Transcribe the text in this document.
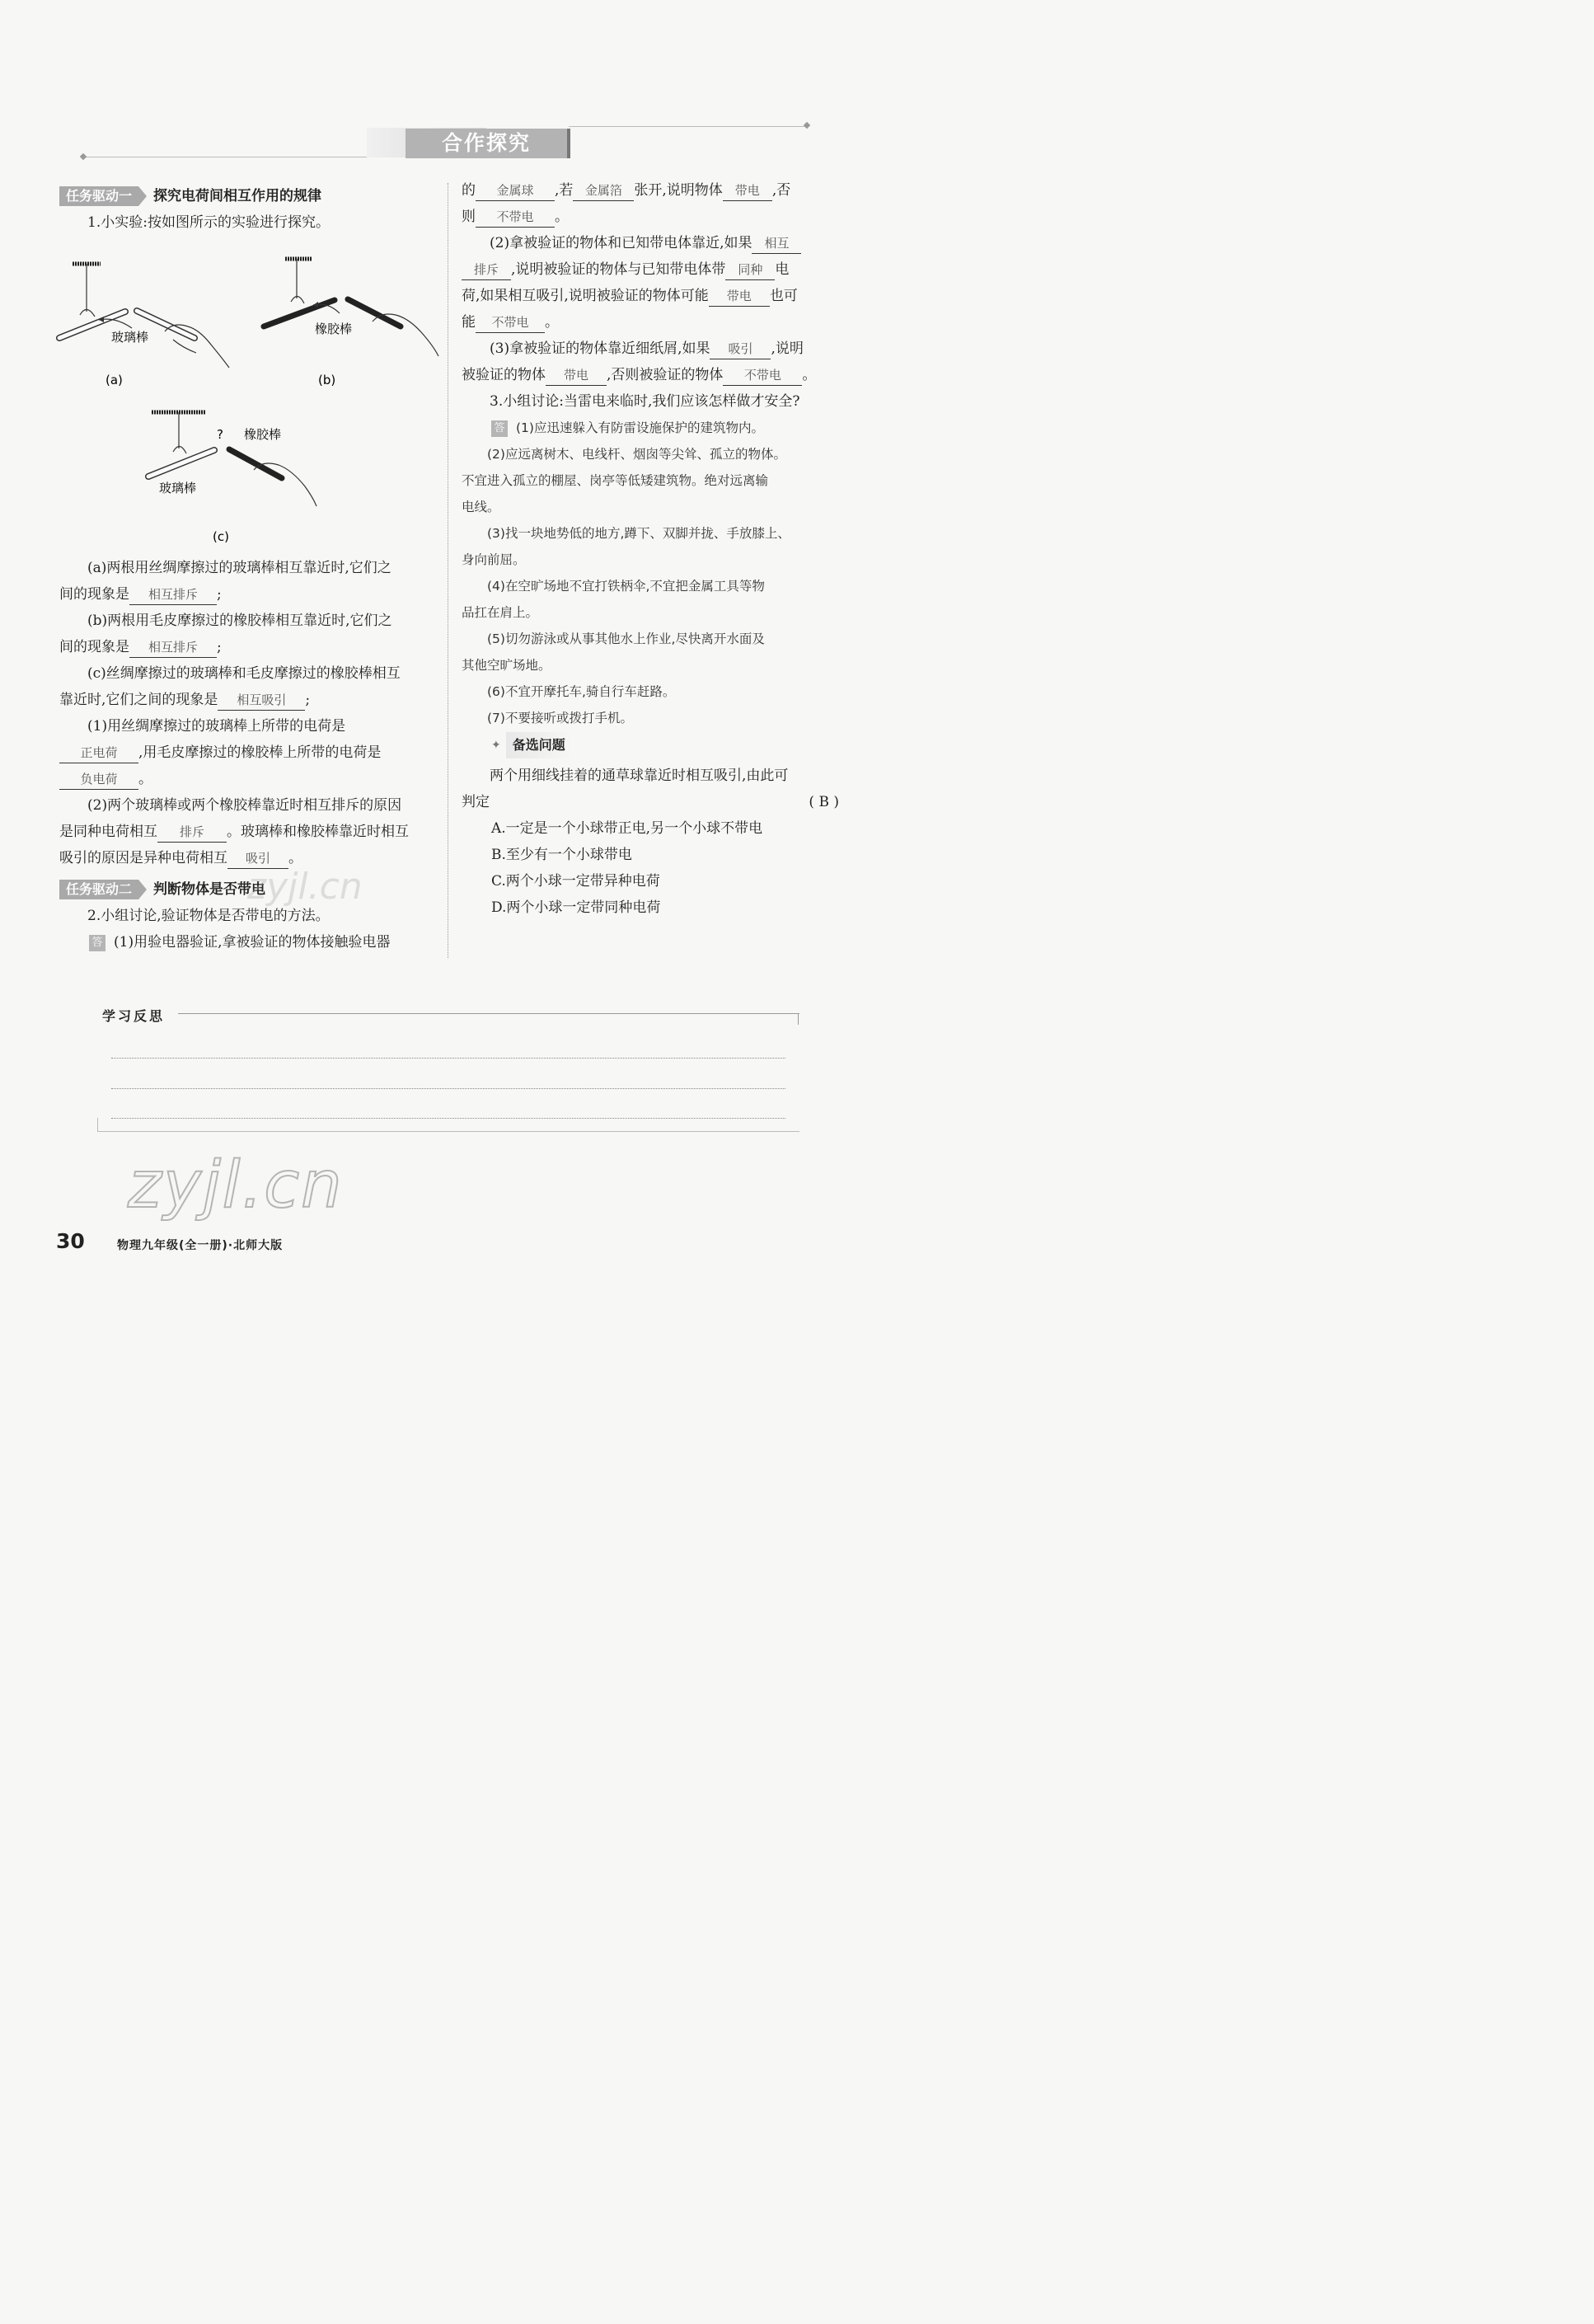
合作探究
任务驱动一	探究电荷间相互作用的规律

1.小实验:按如图所示的实验进行探究。

玻璃棒
(a)
橡胶棒
(b)
? 橡胶棒
玻璃棒
(c)

(a)两根用丝绸摩擦过的玻璃棒相互靠近时,它们之

间的现象是 相互排斥 ;

(b)两根用毛皮摩擦过的橡胶棒相互靠近时,它们之

间的现象是 相互排斥 ;

(c)丝绸摩擦过的玻璃棒和毛皮摩擦过的橡胶棒相互

靠近时,它们之间的现象是 相互吸引 ;

(1)用丝绸摩擦过的玻璃棒上所带的电荷是

正电荷 ,用毛皮摩擦过的橡胶棒上所带的电荷是

负电荷 。

(2)两个玻璃棒或两个橡胶棒靠近时相互排斥的原因

是同种电荷相互 排斥 。玻璃棒和橡胶棒靠近时相互

吸引的原因是异种电荷相互 吸引 。

任务驱动二	判断物体是否带电

2.小组讨论,验证物体是否带电的方法。

答 (1)用验电器验证,拿被验证的物体接触验电器

的 金属球 ,若 金属箔 张开,说明物体 带电 ,否

则 不带电 。

(2)拿被验证的物体和已知带电体靠近,如果 相互

排斥 ,说明被验证的物体与已知带电体带 同种 电

荷,如果相互吸引,说明被验证的物体可能 带电 也可

能 不带电 。

(3)拿被验证的物体靠近细纸屑,如果 吸引 ,说明

被验证的物体 带电 ,否则被验证的物体 不带电 。

3.小组讨论:当雷电来临时,我们应该怎样做才安全?

答 (1)应迅速躲入有防雷设施保护的建筑物内。

(2)应远离树木、电线杆、烟囱等尖耸、孤立的物体。

不宜进入孤立的棚屋、岗亭等低矮建筑物。绝对远离输

电线。

(3)找一块地势低的地方,蹲下、双脚并拢、手放膝上、

身向前屈。

(4)在空旷场地不宜打铁柄伞,不宜把金属工具等物

品扛在肩上。

(5)切勿游泳或从事其他水上作业,尽快离开水面及

其他空旷场地。

(6)不宜开摩托车,骑自行车赶路。

(7)不要接听或拨打手机。

✦ 备选问题

两个用细线挂着的通草球靠近时相互吸引,由此可

判定	( B )

A.一定是一个小球带正电,另一个小球不带电

B.至少有一个小球带电

C.两个小球一定带异种电荷

D.两个小球一定带同种电荷

学习反思
zyjl.cn
zyjl.cn
30	物理九年级(全一册)·北师大版
